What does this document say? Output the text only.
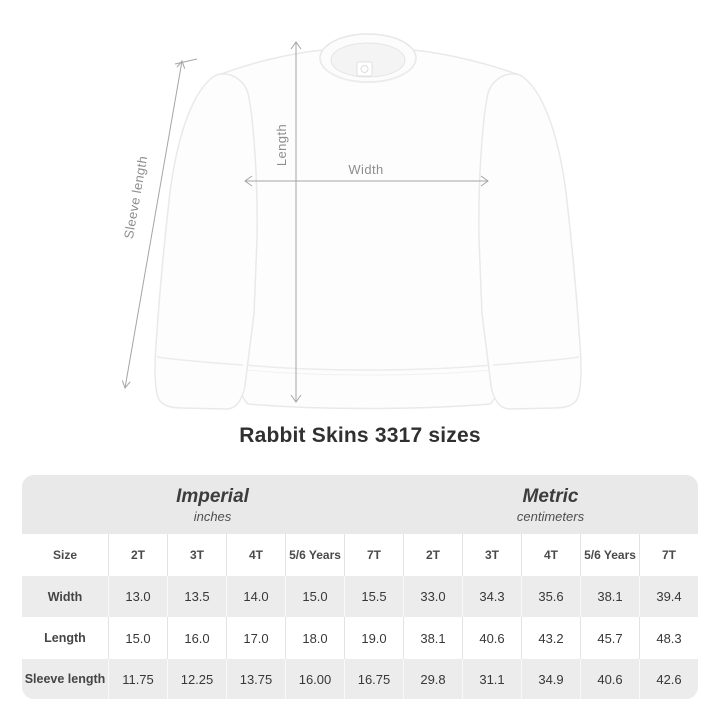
Width
Length
Sleeve length
Rabbit Skins 3317 sizes
Imperial
inches
Metric
centimeters
Size	2T	3T	4T	5/6 Years	7T	2T	3T	4T	5/6 Years	7T
Width	13.0	13.5	14.0	15.0	15.5	33.0	34.3	35.6	38.1	39.4
Length	15.0	16.0	17.0	18.0	19.0	38.1	40.6	43.2	45.7	48.3
Sleeve length	11.75	12.25	13.75	16.00	16.75	29.8	31.1	34.9	40.6	42.6
